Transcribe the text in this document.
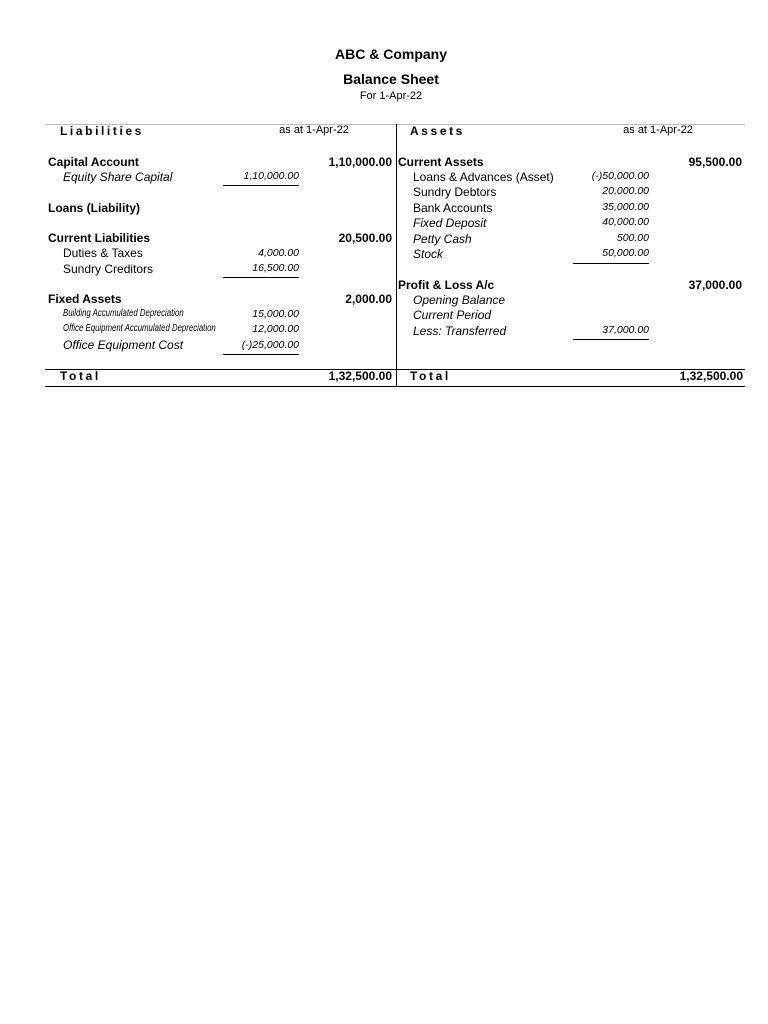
ABC & Company
Balance Sheet
For 1-Apr-22
Liabilities	as at 1-Apr-22	Assets	as at 1-Apr-22
Capital Account	1,10,000.00
Equity Share Capital	1,10,000.00
Loans (Liability)
Current Liabilities	20,500.00
Duties & Taxes	4,000.00
Sundry Creditors	16,500.00
Fixed Assets	2,000.00
Building Accumulated Depreciation	15,000.00
Office Equipment Accumulated Depreciation	12,000.00
Office Equipment Cost	(-)25,000.00
Current Assets	95,500.00
Loans & Advances (Asset)	(-)50,000.00
Sundry Debtors	20,000.00
Bank Accounts	35,000.00
Fixed Deposit	40,000.00
Petty Cash	500.00
Stock	50,000.00
Profit & Loss A/c	37,000.00
Opening Balance
Current Period
Less: Transferred	37,000.00
Total	1,32,500.00 Total	1,32,500.00
